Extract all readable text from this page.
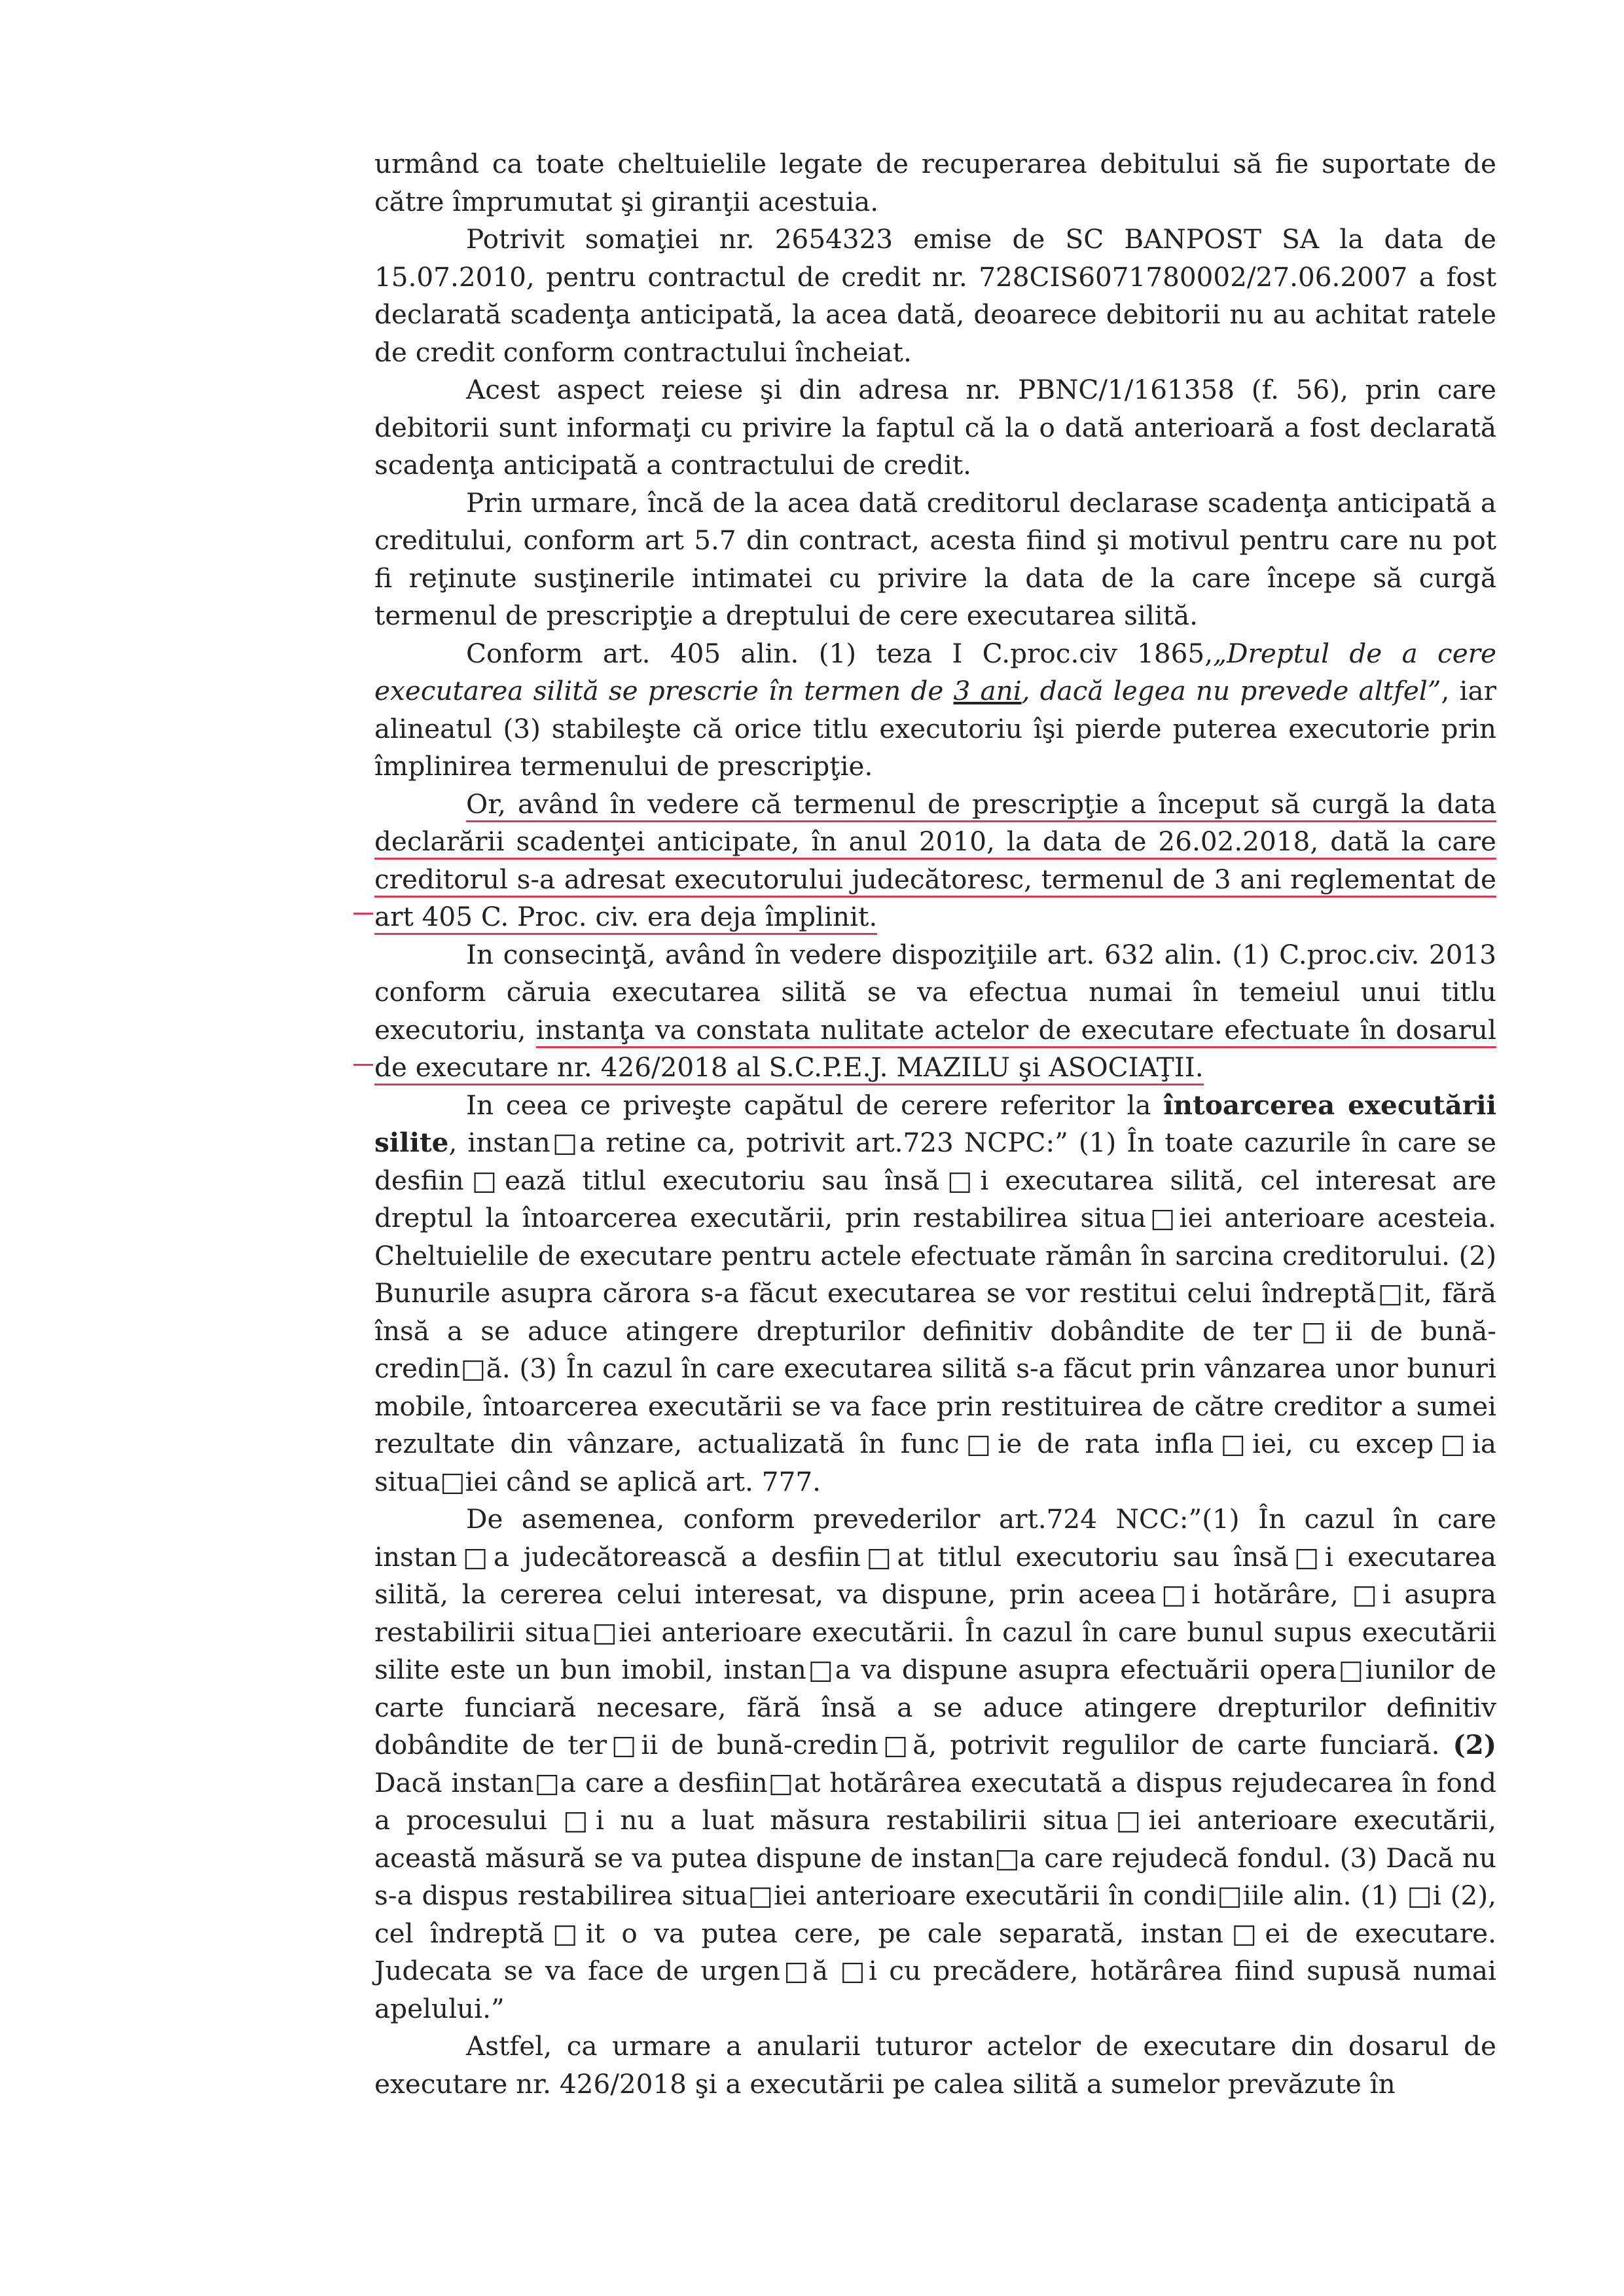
urmând ca toate cheltuielile legate de recuperarea debitului să fie suportate de către împrumutat şi giranţii acestuia.

Potrivit somaţiei nr. 2654323 emise de SC BANPOST SA la data de 15.07.2010, pentru contractul de credit nr. 728CIS6071780002/27.06.2007 a fost declarată scadenţa anticipată, la acea dată, deoarece debitorii nu au achitat ratele de credit conform contractului încheiat.

Acest aspect reiese şi din adresa nr. PBNC/1/161358 (f. 56), prin care debitorii sunt informaţi cu privire la faptul că la o dată anterioară a fost declarată scadenţa anticipată a contractului de credit.

Prin urmare, încă de la acea dată creditorul declarase scadenţa anticipată a creditului, conform art 5.7 din contract, acesta fiind şi motivul pentru care nu pot fi reţinute susţinerile intimatei cu privire la data de la care începe să curgă termenul de prescripţie a dreptului de cere executarea silită.

Conform art. 405 alin. (1) teza I C.proc.civ 1865,„Dreptul de a cere executarea silită se prescrie în termen de 3 ani, dacă legea nu prevede altfel”, iar alineatul (3) stabileşte că orice titlu executoriu îşi pierde puterea executorie prin împlinirea termenului de prescripţie.

Or, având în vedere că termenul de prescripţie a început să curgă la data declarării scadenţei anticipate, în anul 2010, la data de 26.02.2018, dată la care creditorul s-a adresat executorului judecătoresc, termenul de 3 ani reglementat de art 405 C. Proc. civ. era deja împlinit.

In consecinţă, având în vedere dispoziţiile art. 632 alin. (1) C.proc.civ. 2013 conform căruia executarea silită se va efectua numai în temeiul unui titlu executoriu, instanţa va constata nulitate actelor de executare efectuate în dosarul de executare nr. 426/2018 al S.C.P.E.J. MAZILU şi ASOCIAŢII.

In ceea ce priveşte capătul de cerere referitor la întoarcerea executării silite, instan□a retine ca, potrivit art.723 NCPC:” (1) În toate cazurile în care se desfiin□ează titlul executoriu sau însă□i executarea silită, cel interesat are dreptul la întoarcerea executării, prin restabilirea situa□iei anterioare acesteia. Cheltuielile de executare pentru actele efectuate rămân în sarcina creditorului. (2) Bunurile asupra cărora s-a făcut executarea se vor restitui celui îndreptă□it, fără însă a se aduce atingere drepturilor definitiv dobândite de ter□ii de bună-credin□ă. (3) În cazul în care executarea silită s-a făcut prin vânzarea unor bunuri mobile, întoarcerea executării se va face prin restituirea de către creditor a sumei rezultate din vânzare, actualizată în func□ie de rata infla□iei, cu excep□ia situa□iei când se aplică art. 777.

De asemenea, conform prevederilor art.724 NCC:”(1) În cazul în care instan□a judecătorească a desfiin□at titlul executoriu sau însă□i executarea silită, la cererea celui interesat, va dispune, prin aceea□i hotărâre, □i asupra restabilirii situa□iei anterioare executării. În cazul în care bunul supus executării silite este un bun imobil, instan□a va dispune asupra efectuării opera□iunilor de carte funciară necesare, fără însă a se aduce atingere drepturilor definitiv dobândite de ter□ii de bună-credin□ă, potrivit regulilor de carte funciară. (2) Dacă instan□a care a desfiin□at hotărârea executată a dispus rejudecarea în fond a procesului □i nu a luat măsura restabilirii situa□iei anterioare executării, această măsură se va putea dispune de instan□a care rejudecă fondul. (3) Dacă nu s-a dispus restabilirea situa□iei anterioare executării în condi□iile alin. (1) □i (2), cel îndreptă□it o va putea cere, pe cale separată, instan□ei de executare. Judecata se va face de urgen□ă □i cu precădere, hotărârea fiind supusă numai apelului.”

Astfel, ca urmare a anularii tuturor actelor de executare din dosarul de executare nr. 426/2018 şi a executării pe calea silită a sumelor prevăzute în
